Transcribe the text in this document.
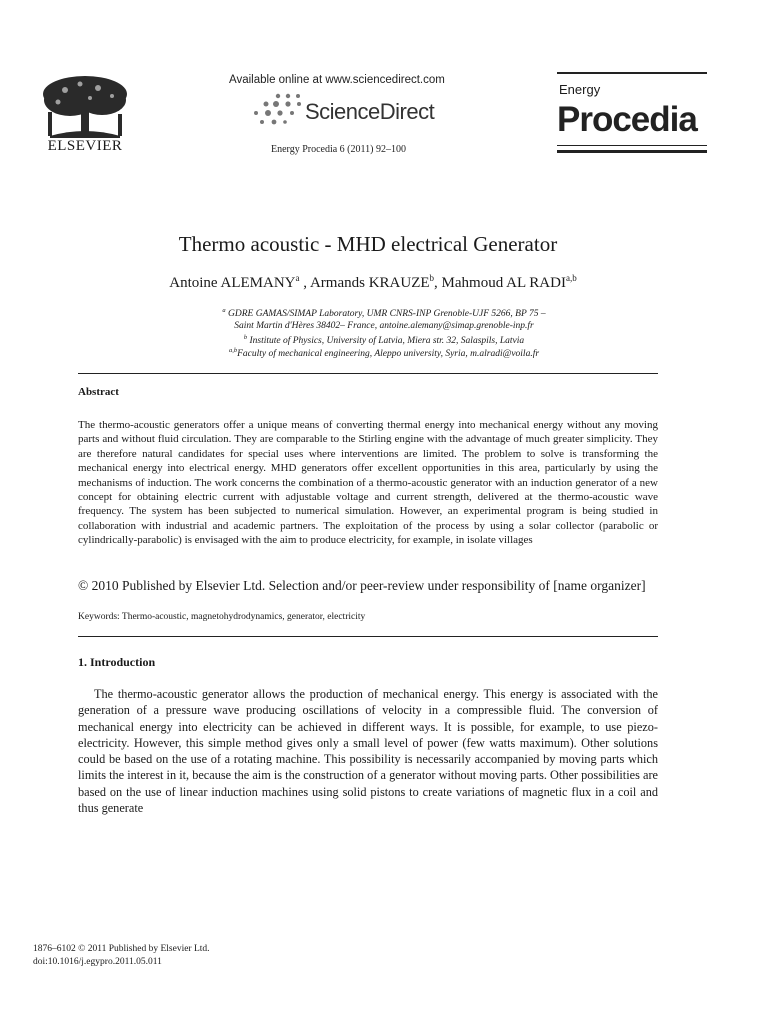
ELSEVIER
Available online at www.sciencedirect.com
ScienceDirect
Energy Procedia 6 (2011) 92–100
Energy
Procedia
Thermo acoustic - MHD electrical Generator
Antoine ALEMANY$^a$ , Armands KRAUZE$^b$, Mahmoud AL RADI$^{a,b}$
$^a$ GDRE GAMAS/SIMAP Laboratory, UMR CNRS-INP Grenoble-UJF 5266, BP 75 –
Saint Martin d'Hères 38402– France, antoine.alemany@simap.grenoble-inp.fr
$^b$ Institute of Physics, University of Latvia, Miera str. 32, Salaspils, Latvia
$^{a,b}$Faculty of mechanical engineering, Aleppo university, Syria, m.alradi@voila.fr
Abstract
The thermo-acoustic generators offer a unique means of converting thermal energy into mechanical energy without any moving parts and without fluid circulation. They are comparable to the Stirling engine with the advantage of much greater simplicity. They are therefore natural candidates for special uses where interventions are limited. The problem to solve is transforming the mechanical energy into electrical energy. MHD generators offer excellent opportunities in this area, particularly by using the mechanisms of induction. The work concerns the combination of a thermo-acoustic generator with an induction generator of a new concept for obtaining electric current with adjustable voltage and current strength, delivered at the thermo-acoustic wave frequency. The system has been subjected to numerical simulation. However, an experimental program is being studied in collaboration with industrial and academic partners. The exploitation of the process by using a solar collector (parabolic or cylindrically-parabolic) is envisaged with the aim to produce electricity, for example, in isolate villages
© 2010 Published by Elsevier Ltd. Selection and/or peer-review under responsibility of [name organizer]
Keywords: Thermo-acoustic, magnetohydrodynamics, generator, electricity
1. Introduction
The thermo-acoustic generator allows the production of mechanical energy. This energy is associated with the generation of a pressure wave producing oscillations of velocity in a compressible fluid. The conversion of mechanical energy into electricity can be achieved in different ways. It is possible, for example, to use piezo-electricity. However, this simple method gives only a small level of power (few watts maximum). Other solutions could be based on the use of a rotating machine. This possibility is necessarily accompanied by moving parts which limits the interest in it, because the aim is the construction of a generator without moving parts. Other possibilities are based on the use of linear induction machines using solid pistons to create variations of magnetic flux in a coil and thus generate
1876–6102 © 2011 Published by Elsevier Ltd.
doi:10.1016/j.egypro.2011.05.011
